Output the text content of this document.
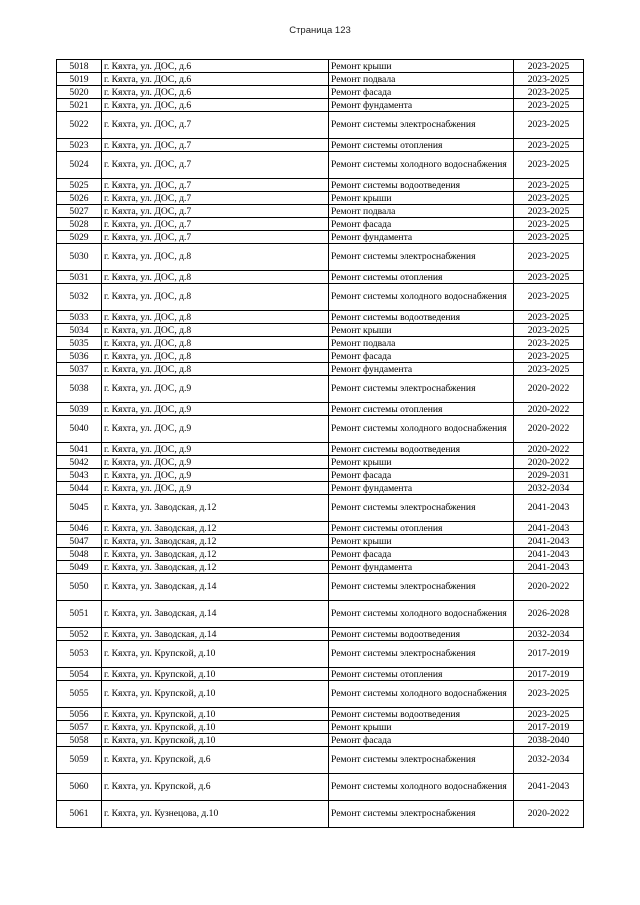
Страница 123
5018	г. Кяхта, ул. ДОС, д.6	Ремонт крыши	2023-2025
5019	г. Кяхта, ул. ДОС, д.6	Ремонт подвала	2023-2025
5020	г. Кяхта, ул. ДОС, д.6	Ремонт фасада	2023-2025
5021	г. Кяхта, ул. ДОС, д.6	Ремонт фундамента	2023-2025
5022	г. Кяхта, ул. ДОС, д.7	Ремонт системы электроснабжения	2023-2025
5023	г. Кяхта, ул. ДОС, д.7	Ремонт системы отопления	2023-2025
5024	г. Кяхта, ул. ДОС, д.7	Ремонт системы холодного водоснабжения	2023-2025
5025	г. Кяхта, ул. ДОС, д.7	Ремонт системы водоотведения	2023-2025
5026	г. Кяхта, ул. ДОС, д.7	Ремонт крыши	2023-2025
5027	г. Кяхта, ул. ДОС, д.7	Ремонт подвала	2023-2025
5028	г. Кяхта, ул. ДОС, д.7	Ремонт фасада	2023-2025
5029	г. Кяхта, ул. ДОС, д.7	Ремонт фундамента	2023-2025
5030	г. Кяхта, ул. ДОС, д.8	Ремонт системы электроснабжения	2023-2025
5031	г. Кяхта, ул. ДОС, д.8	Ремонт системы отопления	2023-2025
5032	г. Кяхта, ул. ДОС, д.8	Ремонт системы холодного водоснабжения	2023-2025
5033	г. Кяхта, ул. ДОС, д.8	Ремонт системы водоотведения	2023-2025
5034	г. Кяхта, ул. ДОС, д.8	Ремонт крыши	2023-2025
5035	г. Кяхта, ул. ДОС, д.8	Ремонт подвала	2023-2025
5036	г. Кяхта, ул. ДОС, д.8	Ремонт фасада	2023-2025
5037	г. Кяхта, ул. ДОС, д.8	Ремонт фундамента	2023-2025
5038	г. Кяхта, ул. ДОС, д.9	Ремонт системы электроснабжения	2020-2022
5039	г. Кяхта, ул. ДОС, д.9	Ремонт системы отопления	2020-2022
5040	г. Кяхта, ул. ДОС, д.9	Ремонт системы холодного водоснабжения	2020-2022
5041	г. Кяхта, ул. ДОС, д.9	Ремонт системы водоотведения	2020-2022
5042	г. Кяхта, ул. ДОС, д.9	Ремонт крыши	2020-2022
5043	г. Кяхта, ул. ДОС, д.9	Ремонт фасада	2029-2031
5044	г. Кяхта, ул. ДОС, д.9	Ремонт фундамента	2032-2034
5045	г. Кяхта, ул. Заводская, д.12	Ремонт системы электроснабжения	2041-2043
5046	г. Кяхта, ул. Заводская, д.12	Ремонт системы отопления	2041-2043
5047	г. Кяхта, ул. Заводская, д.12	Ремонт крыши	2041-2043
5048	г. Кяхта, ул. Заводская, д.12	Ремонт фасада	2041-2043
5049	г. Кяхта, ул. Заводская, д.12	Ремонт фундамента	2041-2043
5050	г. Кяхта, ул. Заводская, д.14	Ремонт системы электроснабжения	2020-2022
5051	г. Кяхта, ул. Заводская, д.14	Ремонт системы холодного водоснабжения	2026-2028
5052	г. Кяхта, ул. Заводская, д.14	Ремонт системы водоотведения	2032-2034
5053	г. Кяхта, ул. Крупской, д.10	Ремонт системы электроснабжения	2017-2019
5054	г. Кяхта, ул. Крупской, д.10	Ремонт системы отопления	2017-2019
5055	г. Кяхта, ул. Крупской, д.10	Ремонт системы холодного водоснабжения	2023-2025
5056	г. Кяхта, ул. Крупской, д.10	Ремонт системы водоотведения	2023-2025
5057	г. Кяхта, ул. Крупской, д.10	Ремонт крыши	2017-2019
5058	г. Кяхта, ул. Крупской, д.10	Ремонт фасада	2038-2040
5059	г. Кяхта, ул. Крупской, д.6	Ремонт системы электроснабжения	2032-2034
5060	г. Кяхта, ул. Крупской, д.6	Ремонт системы холодного водоснабжения	2041-2043
5061	г. Кяхта, ул. Кузнецова, д.10	Ремонт системы электроснабжения	2020-2022
